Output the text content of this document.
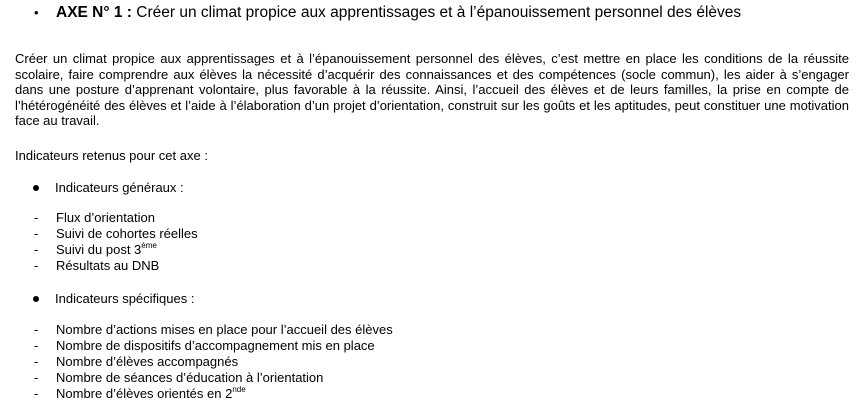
• AXE N° 1 : Créer un climat propice aux apprentissages et à l’épanouissement personnel des élèves
Créer un climat propice aux apprentissages et à l’épanouissement personnel des élèves, c’est mettre en place les conditions de la réussite scolaire, faire comprendre aux élèves la nécessité d’acquérir des connaissances et des compétences (socle commun), les aider à s’engager dans une posture d’apprenant volontaire, plus favorable à la réussite. Ainsi, l’accueil des élèves et de leurs familles, la prise en compte de l’hétérogénéité des élèves et l’aide à l’élaboration d’un projet d’orientation, construit sur les goûts et les aptitudes, peut constituer une motivation face au travail.
Indicateurs retenus pour cet axe :
Indicateurs généraux :
- Flux d’orientation
- Suivi de cohortes réelles
- Suivi du post 3ème
- Résultats au DNB
Indicateurs spécifiques :
- Nombre d’actions mises en place pour l’accueil des élèves
- Nombre de dispositifs d’accompagnement mis en place
- Nombre d’élèves accompagnés
- Nombre de séances d’éducation à l’orientation
- Nombre d’élèves orientés en 2nde
